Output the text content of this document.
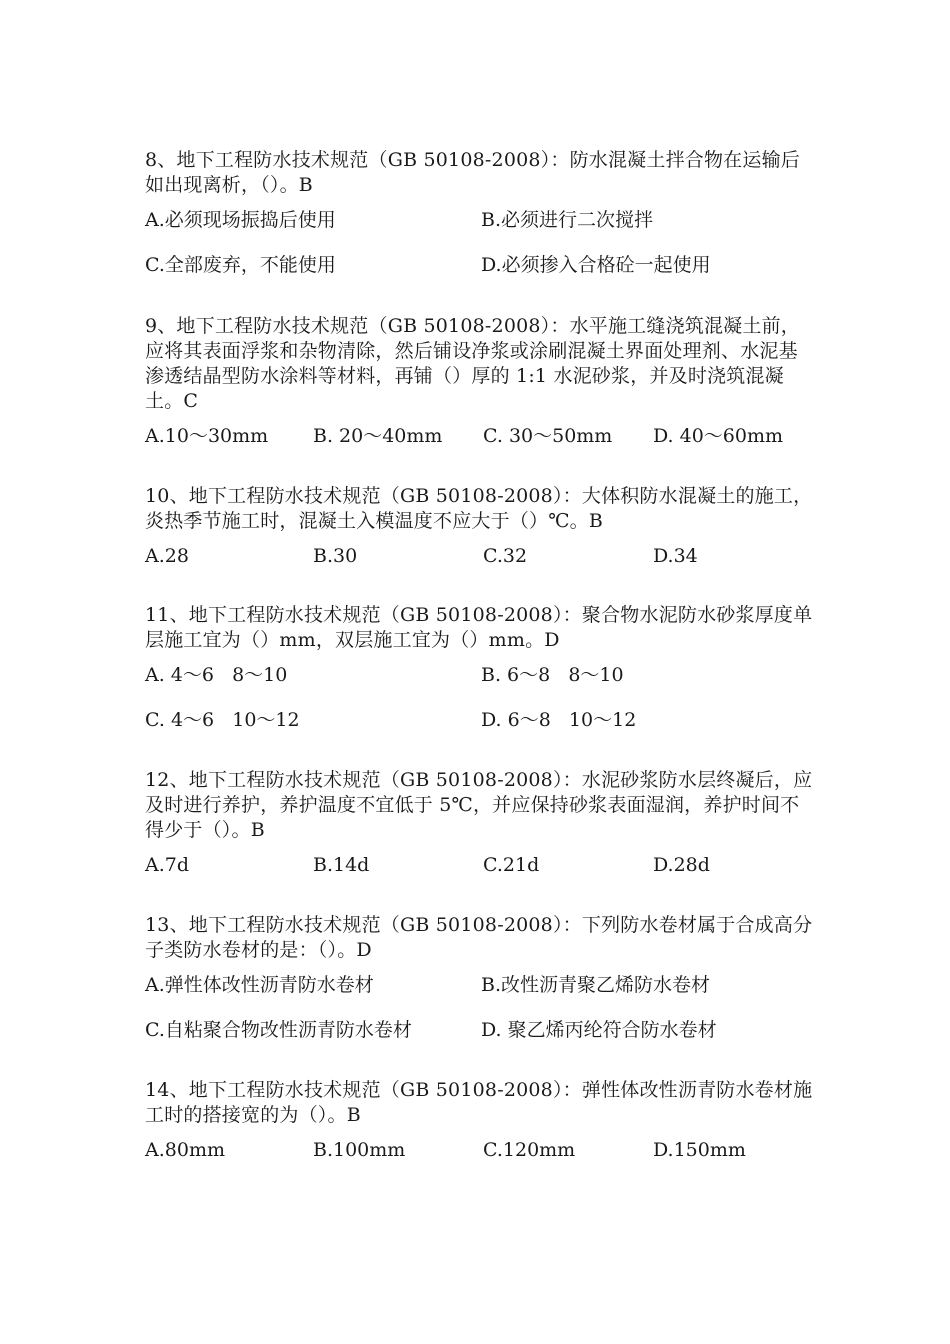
8、地下工程防水技术规范（GB 50108-2008）：防水混凝土拌合物在运输后如出现离析，（）。B

A.必须现场振捣后使用	B.必须进行二次搅拌
C.全部废弃，不能使用	D.必须掺入合格砼一起使用

9、地下工程防水技术规范（GB 50108-2008）：水平施工缝浇筑混凝土前，应将其表面浮浆和杂物清除，然后铺设净浆或涂刷混凝土界面处理剂、水泥基渗透结晶型防水涂料等材料，再铺（）厚的 1:1 水泥砂浆，并及时浇筑混凝土。C

A.10～30mm B. 20～40mm C. 30～50mm D. 40～60mm

10、地下工程防水技术规范（GB 50108-2008）：大体积防水混凝土的施工，炎热季节施工时，混凝土入模温度不应大于（）℃。B

A.28	B.30	C.32	D.34

11、地下工程防水技术规范（GB 50108-2008）：聚合物水泥防水砂浆厚度单层施工宜为（）mm，双层施工宜为（）mm。D

A. 4～6   8～10	B. 6～8   8～10
C. 4～6   10～12	D. 6～8   10～12

12、地下工程防水技术规范（GB 50108-2008）：水泥砂浆防水层终凝后，应及时进行养护，养护温度不宜低于 5℃，并应保持砂浆表面湿润，养护时间不得少于（）。B

A.7d	B.14d	C.21d	D.28d

13、地下工程防水技术规范（GB 50108-2008）：下列防水卷材属于合成高分子类防水卷材的是：（）。D

A.弹性体改性沥青防水卷材	B.改性沥青聚乙烯防水卷材
C.自粘聚合物改性沥青防水卷材	D. 聚乙烯丙纶符合防水卷材

14、地下工程防水技术规范（GB 50108-2008）：弹性体改性沥青防水卷材施工时的搭接宽的为（）。B

A.80mm	B.100mm	C.120mm	D.150mm
